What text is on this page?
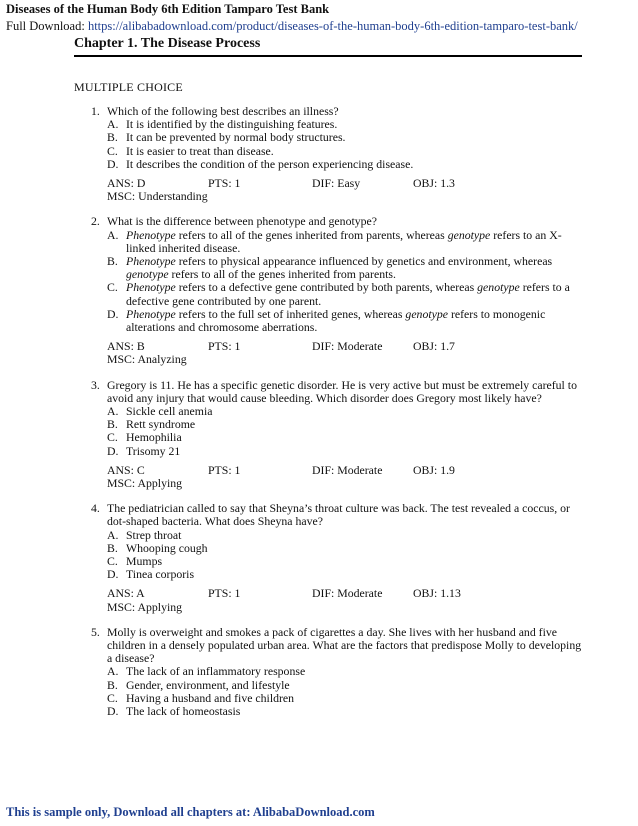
Diseases of the Human Body 6th Edition Tamparo Test Bank
Full Download: https://alibabadownload.com/product/diseases-of-the-human-body-6th-edition-tamparo-test-bank/
Chapter 1. The Disease Process
MULTIPLE CHOICE
1. Which of the following best describes an illness?
A. It is identified by the distinguishing features.
B. It can be prevented by normal body structures.
C. It is easier to treat than disease.
D. It describes the condition of the person experiencing disease.
ANS: D	PTS: 1	DIF: Easy	OBJ: 1.3
MSC: Understanding
2. What is the difference between phenotype and genotype?
A. Phenotype refers to all of the genes inherited from parents, whereas genotype refers to an X-linked inherited disease.
B. Phenotype refers to physical appearance influenced by genetics and environment, whereas genotype refers to all of the genes inherited from parents.
C. Phenotype refers to a defective gene contributed by both parents, whereas genotype refers to a defective gene contributed by one parent.
D. Phenotype refers to the full set of inherited genes, whereas genotype refers to monogenic alterations and chromosome aberrations.
ANS: B	PTS: 1	DIF: Moderate	OBJ: 1.7
MSC: Analyzing
3. Gregory is 11. He has a specific genetic disorder. He is very active but must be extremely careful to avoid any injury that would cause bleeding. Which disorder does Gregory most likely have?
A. Sickle cell anemia
B. Rett syndrome
C. Hemophilia
D. Trisomy 21
ANS: C	PTS: 1	DIF: Moderate	OBJ: 1.9
MSC: Applying
4. The pediatrician called to say that Sheyna’s throat culture was back. The test revealed a coccus, or dot-shaped bacteria. What does Sheyna have?
A. Strep throat
B. Whooping cough
C. Mumps
D. Tinea corporis
ANS: A	PTS: 1	DIF: Moderate	OBJ: 1.13
MSC: Applying
5. Molly is overweight and smokes a pack of cigarettes a day. She lives with her husband and five children in a densely populated urban area. What are the factors that predispose Molly to developing a disease?
A. The lack of an inflammatory response
B. Gender, environment, and lifestyle
C. Having a husband and five children
D. The lack of homeostasis
This is sample only, Download all chapters at: AlibabaDownload.com
